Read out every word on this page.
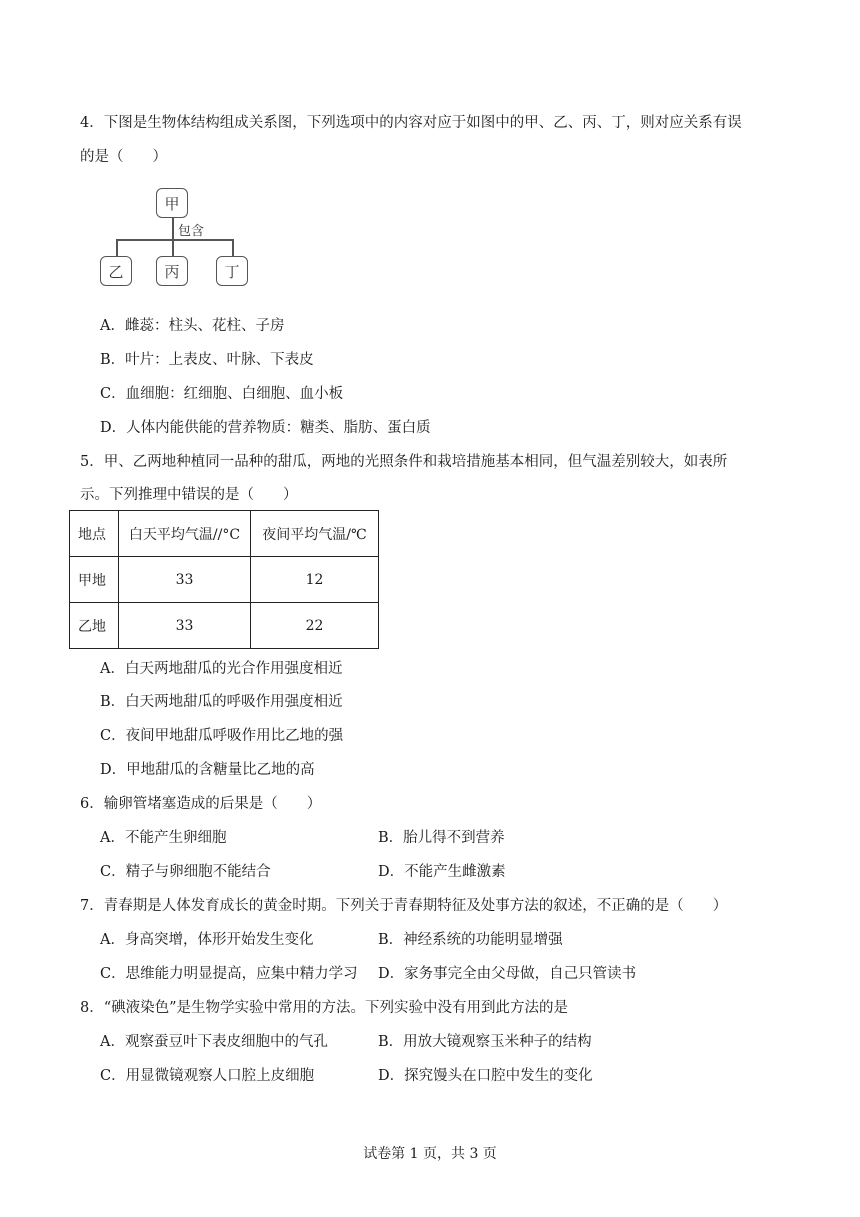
4．下图是生物体结构组成关系图，下列选项中的内容对应于如图中的甲、乙、丙、丁，则对应关系有误
的是（　　）
甲
包含
乙	丙	丁
A．雌蕊：柱头、花柱、子房
B．叶片：上表皮、叶脉、下表皮
C．血细胞：红细胞、白细胞、血小板
D．人体内能供能的营养物质：糖类、脂肪、蛋白质
5．甲、乙两地种植同一品种的甜瓜，两地的光照条件和栽培措施基本相同，但气温差别较大，如表所
示。下列推理中错误的是（　　）
地点	白天平均气温//°C	夜间平均气温/℃
甲地	33	12
乙地	33	22
A．白天两地甜瓜的光合作用强度相近
B．白天两地甜瓜的呼吸作用强度相近
C．夜间甲地甜瓜呼吸作用比乙地的强
D．甲地甜瓜的含糖量比乙地的高
6．输卵管堵塞造成的后果是（　　）
A．不能产生卵细胞	B．胎儿得不到营养
C．精子与卵细胞不能结合	D．不能产生雌激素
7．青春期是人体发育成长的黄金时期。下列关于青春期特征及处事方法的叙述，不正确的是（　　）
A．身高突增，体形开始发生变化	B．神经系统的功能明显增强
C．思维能力明显提高，应集中精力学习 D．家务事完全由父母做，自己只管读书
8．“碘液染色”是生物学实验中常用的方法。下列实验中没有用到此方法的是
A．观察蚕豆叶下表皮细胞中的气孔	B．用放大镜观察玉米种子的结构
C．用显微镜观察人口腔上皮细胞	D．探究馒头在口腔中发生的变化
试卷第 1 页，共 3 页
